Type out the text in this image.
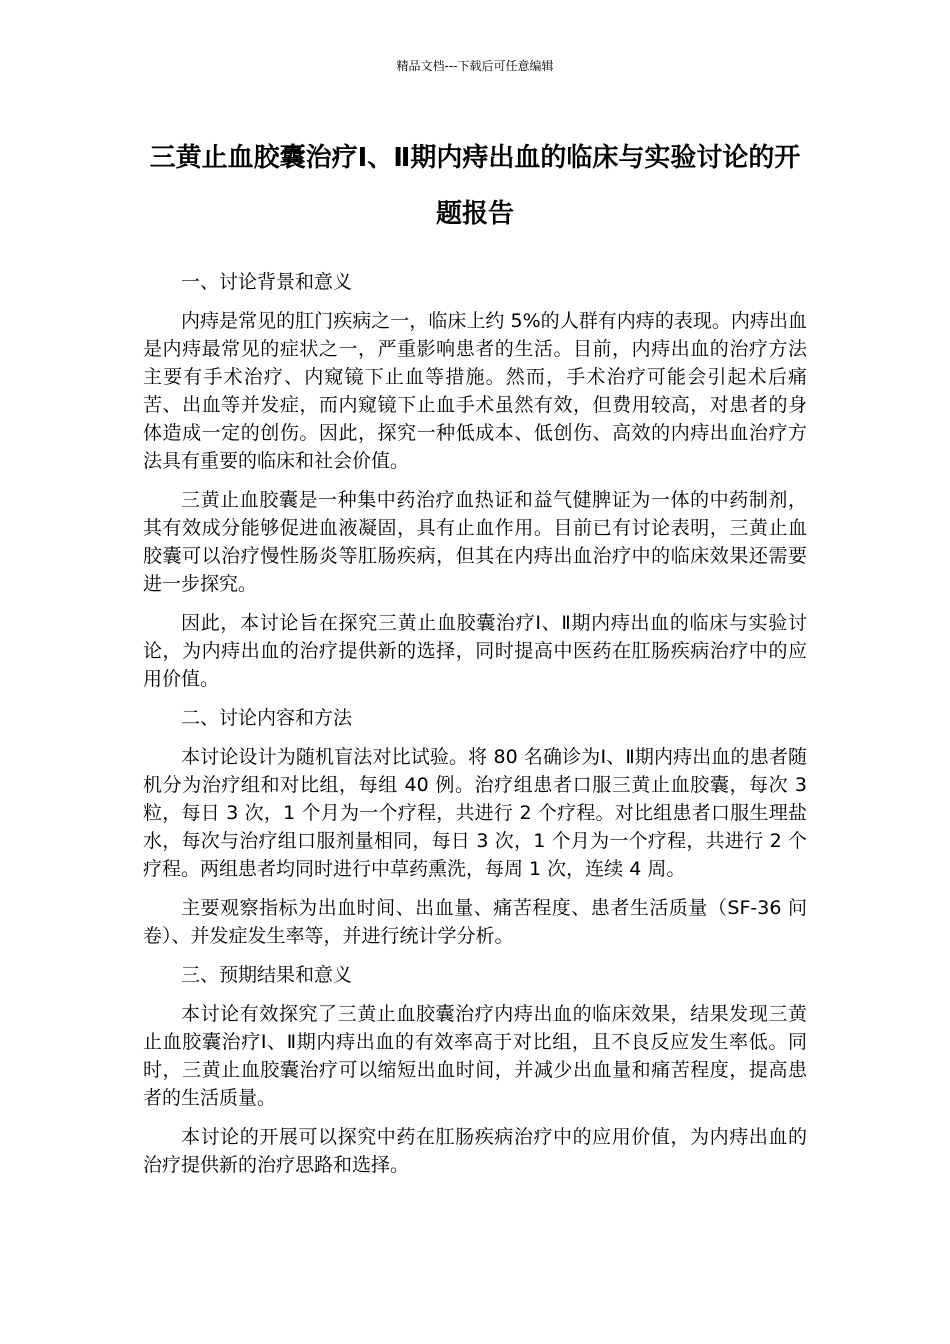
精品文档---下载后可任意编辑
三黄止血胶囊治疗Ⅰ、Ⅱ期内痔出血的临床与实验讨论的开题报告

一、讨论背景和意义

内痔是常见的肛门疾病之一，临床上约 5%的人群有内痔的表现。内痔出血是内痔最常见的症状之一，严重影响患者的生活。目前，内痔出血的治疗方法主要有手术治疗、内窥镜下止血等措施。然而，手术治疗可能会引起术后痛苦、出血等并发症，而内窥镜下止血手术虽然有效，但费用较高，对患者的身体造成一定的创伤。因此，探究一种低成本、低创伤、高效的内痔出血治疗方法具有重要的临床和社会价值。

三黄止血胶囊是一种集中药治疗血热证和益气健脾证为一体的中药制剂，其有效成分能够促进血液凝固，具有止血作用。目前已有讨论表明，三黄止血胶囊可以治疗慢性肠炎等肛肠疾病，但其在内痔出血治疗中的临床效果还需要进一步探究。

因此，本讨论旨在探究三黄止血胶囊治疗Ⅰ、Ⅱ期内痔出血的临床与实验讨论，为内痔出血的治疗提供新的选择，同时提高中医药在肛肠疾病治疗中的应用价值。

二、讨论内容和方法

本讨论设计为随机盲法对比试验。将 80 名确诊为Ⅰ、Ⅱ期内痔出血的患者随机分为治疗组和对比组，每组 40 例。治疗组患者口服三黄止血胶囊，每次 3 粒，每日 3 次，1 个月为一个疗程，共进行 2 个疗程。对比组患者口服生理盐水，每次与治疗组口服剂量相同，每日 3 次，1 个月为一个疗程，共进行 2 个疗程。两组患者均同时进行中草药熏洗，每周 1 次，连续 4 周。

主要观察指标为出血时间、出血量、痛苦程度、患者生活质量（SF-36 问卷）、并发症发生率等，并进行统计学分析。

三、预期结果和意义

本讨论有效探究了三黄止血胶囊治疗内痔出血的临床效果，结果发现三黄止血胶囊治疗Ⅰ、Ⅱ期内痔出血的有效率高于对比组，且不良反应发生率低。同时，三黄止血胶囊治疗可以缩短出血时间，并减少出血量和痛苦程度，提高患者的生活质量。

本讨论的开展可以探究中药在肛肠疾病治疗中的应用价值，为内痔出血的治疗提供新的治疗思路和选择。
